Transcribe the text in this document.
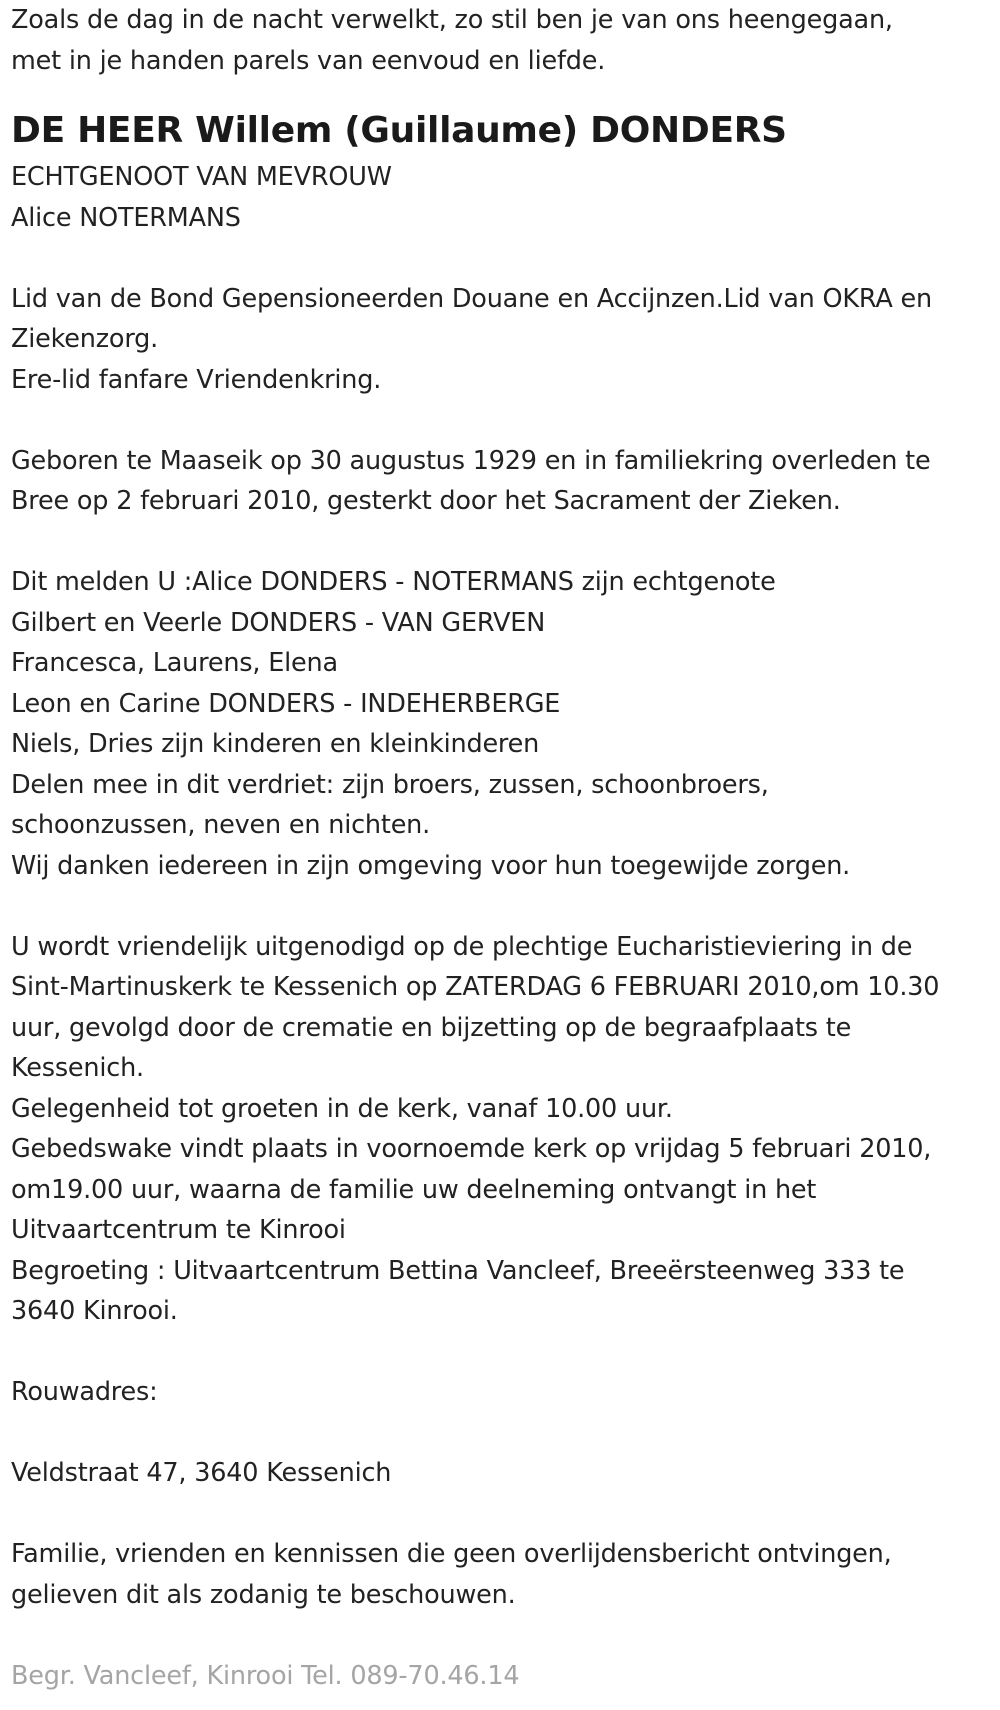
Zoals de dag in de nacht verwelkt, zo stil ben je van ons heengegaan,
met in je handen parels van eenvoud en liefde.
DE HEER Willem (Guillaume) DONDERS
ECHTGENOOT VAN MEVROUW
Alice NOTERMANS
Lid van de Bond Gepensioneerden Douane en Accijnzen.Lid van OKRA en
Ziekenzorg.
Ere-lid fanfare Vriendenkring.
Geboren te Maaseik op 30 augustus 1929 en in familiekring overleden te
Bree op 2 februari 2010, gesterkt door het Sacrament der Zieken.
Dit melden U :Alice DONDERS - NOTERMANS zijn echtgenote
Gilbert en Veerle DONDERS - VAN GERVEN
Francesca, Laurens, Elena
Leon en Carine DONDERS - INDEHERBERGE
Niels, Dries zijn kinderen en kleinkinderen
Delen mee in dit verdriet: zijn broers, zussen, schoonbroers,
schoonzussen, neven en nichten.
Wij danken iedereen in zijn omgeving voor hun toegewijde zorgen.
U wordt vriendelijk uitgenodigd op de plechtige Eucharistieviering in de
Sint-Martinuskerk te Kessenich op ZATERDAG 6 FEBRUARI 2010,om 10.30
uur, gevolgd door de crematie en bijzetting op de begraafplaats te
Kessenich.
Gelegenheid tot groeten in de kerk, vanaf 10.00 uur.
Gebedswake vindt plaats in voornoemde kerk op vrijdag 5 februari 2010,
om19.00 uur, waarna de familie uw deelneming ontvangt in het
Uitvaartcentrum te Kinrooi
Begroeting : Uitvaartcentrum Bettina Vancleef, Breeërsteenweg 333 te
3640 Kinrooi.
Rouwadres:
Veldstraat 47, 3640 Kessenich
Familie, vrienden en kennissen die geen overlijdensbericht ontvingen,
gelieven dit als zodanig te beschouwen.
Begr. Vancleef, Kinrooi Tel. 089-70.46.14
